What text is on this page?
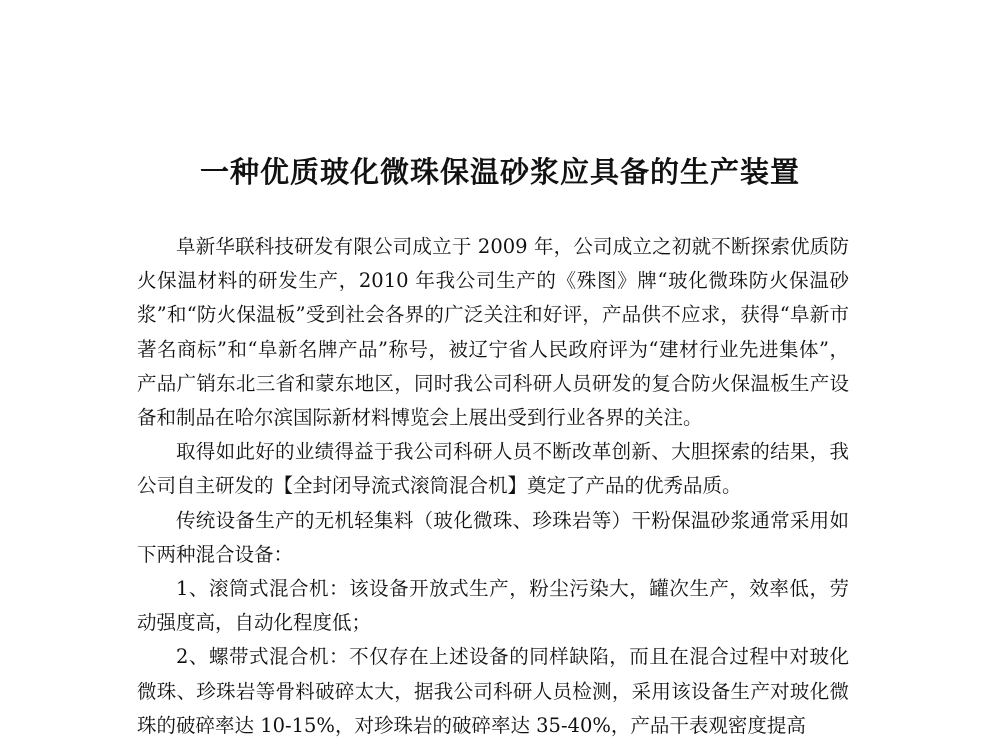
一种优质玻化微珠保温砂浆应具备的生产装置

阜新华联科技研发有限公司成立于 2009 年，公司成立之初就不断探索优质防火保温材料的研发生产，2010 年我公司生产的《殊图》牌“玻化微珠防火保温砂浆”和“防火保温板”受到社会各界的广泛关注和好评，产品供不应求，获得“阜新市著名商标”和“阜新名牌产品”称号，被辽宁省人民政府评为“建材行业先进集体”，产品广销东北三省和蒙东地区，同时我公司科研人员研发的复合防火保温板生产设备和制品在哈尔滨国际新材料博览会上展出受到行业各界的关注。

取得如此好的业绩得益于我公司科研人员不断改革创新、大胆探索的结果，我公司自主研发的【全封闭导流式滚筒混合机】奠定了产品的优秀品质。

传统设备生产的无机轻集料（玻化微珠、珍珠岩等）干粉保温砂浆通常采用如下两种混合设备：

1、滚筒式混合机：该设备开放式生产，粉尘污染大，罐次生产，效率低，劳动强度高，自动化程度低；

2、螺带式混合机：不仅存在上述设备的同样缺陷，而且在混合过程中对玻化微珠、珍珠岩等骨料破碎太大，据我公司科研人员检测，采用该设备生产对玻化微珠的破碎率达 10-15%，对珍珠岩的破碎率达 35-40%，产品干表观密度提高
